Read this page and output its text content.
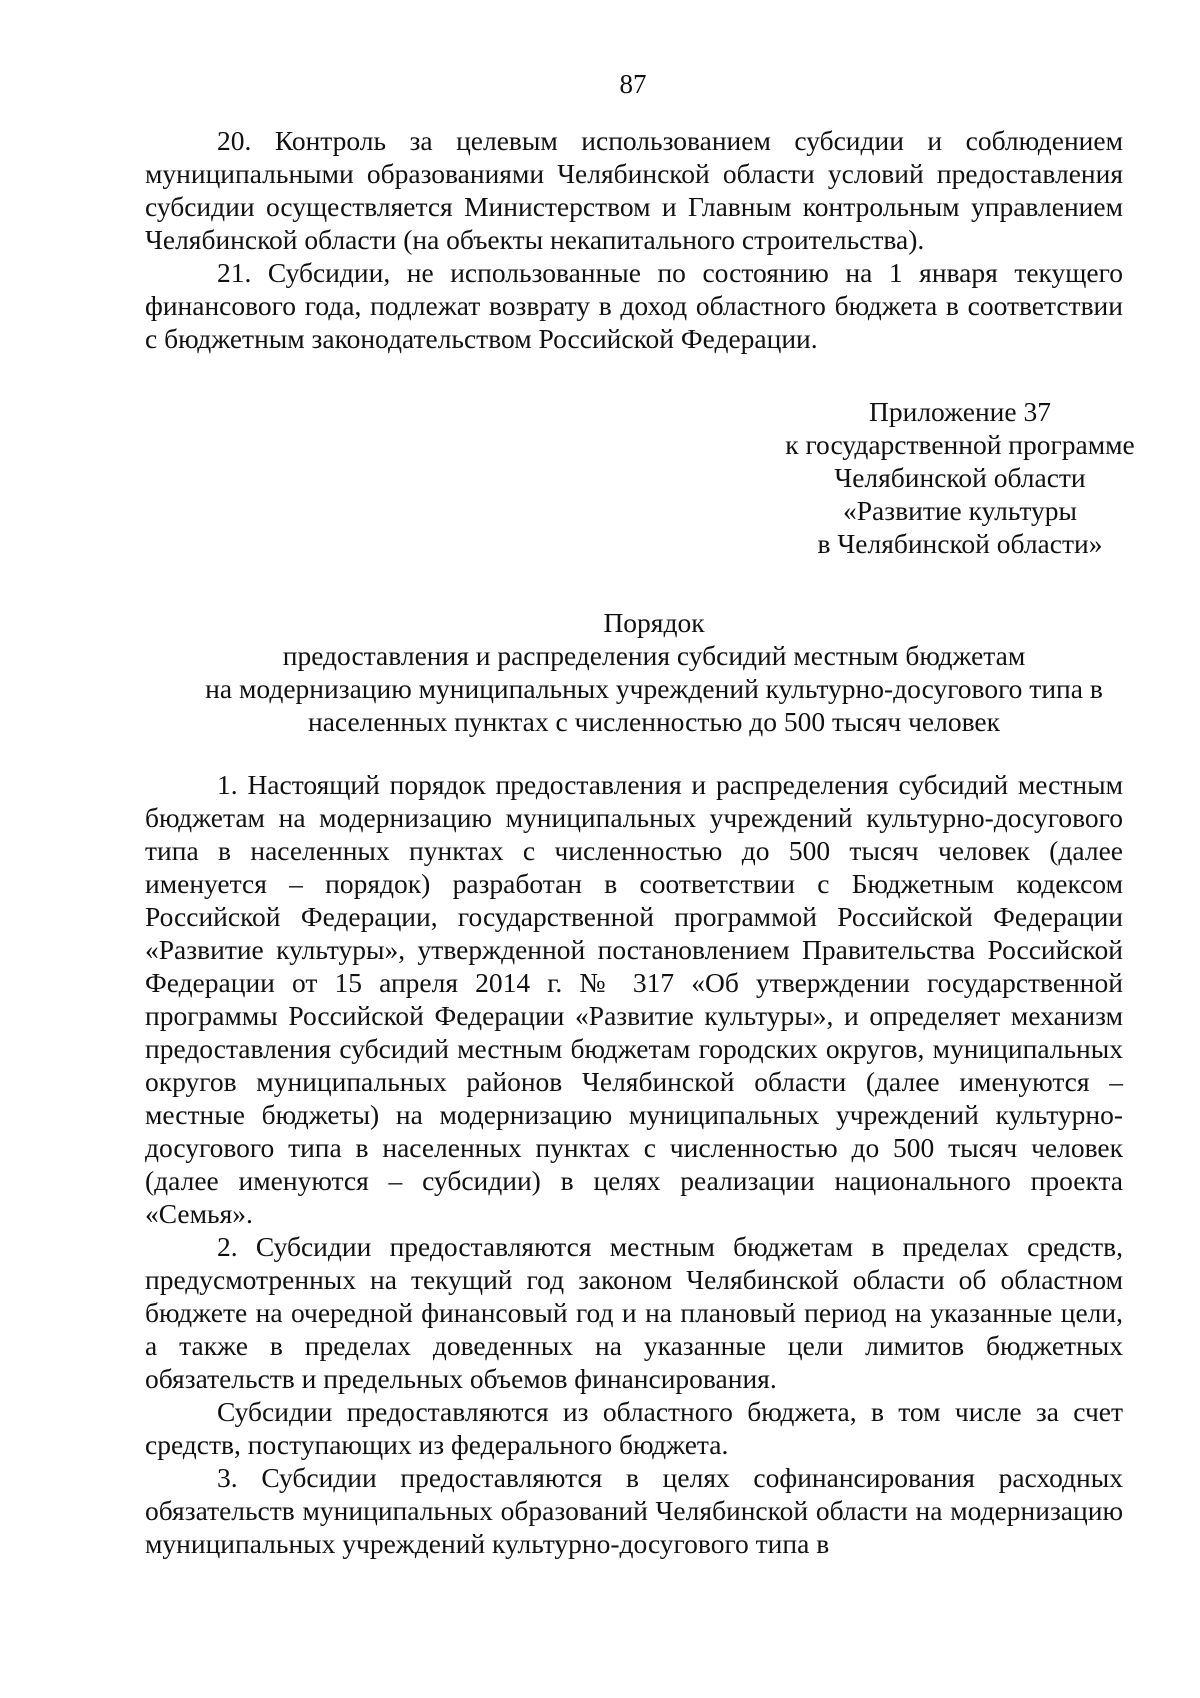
87

20. Контроль за целевым использованием субсидии и соблюдением муниципальными образованиями Челябинской области условий предоставления субсидии осуществляется Министерством и Главным контрольным управлением Челябинской области (на объекты некапитального строительства).

21. Субсидии, не использованные по состоянию на 1 января текущего финансового года, подлежат возврату в доход областного бюджета в соответствии с бюджетным законодательством Российской Федерации.

Приложение 37
к государственной программе
Челябинской области
«Развитие культуры
в Челябинской области»
Порядок
предоставления и распределения субсидий местным бюджетам
на модернизацию муниципальных учреждений культурно-досугового типа в
населенных пунктах с численностью до 500 тысяч человек

1. Настоящий порядок предоставления и распределения субсидий местным бюджетам на модернизацию муниципальных учреждений культурно-досугового типа в населенных пунктах с численностью до 500 тысяч человек (далее именуется – порядок) разработан в соответствии с Бюджетным кодексом Российской Федерации, государственной программой Российской Федерации «Развитие культуры», утвержденной постановлением Правительства Российской Федерации от 15 апреля 2014 г. № 317 «Об утверждении государственной программы Российской Федерации «Развитие культуры», и определяет механизм предоставления субсидий местным бюджетам городских округов, муниципальных округов муниципальных районов Челябинской области (далее именуются – местные бюджеты) на модернизацию муниципальных учреждений культурно-досугового типа в населенных пунктах с численностью до 500 тысяч человек (далее именуются – субсидии) в целях реализации национального проекта «Семья».

2. Субсидии предоставляются местным бюджетам в пределах средств, предусмотренных на текущий год законом Челябинской области об областном бюджете на очередной финансовый год и на плановый период на указанные цели, а также в пределах доведенных на указанные цели лимитов бюджетных обязательств и предельных объемов финансирования.

Субсидии предоставляются из областного бюджета, в том числе за счет средств, поступающих из федерального бюджета.

3. Субсидии предоставляются в целях софинансирования расходных обязательств муниципальных образований Челябинской области на модернизацию муниципальных учреждений культурно-досугового типа в
